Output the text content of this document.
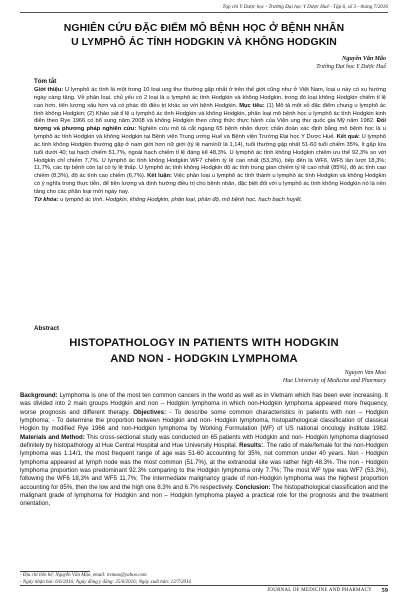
Tạp chí Y Dược học - Trường Đại học Y Dược Huế - Tập 6, số 3 - tháng 7/2016
NGHIÊN CỨU ĐẶC ĐIỂM MÔ BỆNH HỌC Ở BỆNH NHÂN
U LYMPHÔ ÁC TÍNH HODGKIN VÀ KHÔNG HODGKIN
Nguyễn Văn Mão
Trường Đại học Y Dược Huế
Tóm tắt
Giới thiệu: U lymphô ác tính là một trong 10 loại ung thư thường gặp nhất ở trên thế giới cũng như ở Việt Nam, loại u này có xu hướng ngày càng tăng. Về phân loại, chủ yếu có 2 loại là u lymphô ác tính Hodgkin và không Hodgkin, trong đó loại không Hodgkin chiếm tỉ lệ cao hơn, tiến lượng xấu hơn và có phác đồ điều trị khác so với bệnh Hodgkin. Mục tiêu: (1) Mô tả một số đặc điểm chung u lymphô ác tính không Hodgkin; (2) Khảo sát tỉ lệ u lymphô ác tính Hodgkin và không Hodgkin, phân loại mô bệnh học u lymphô ác tính Hodgkin kinh điển theo Rye 1966 có bổ sung năm 2008 và không Hodgkin theo công thức thực hành của Viện ung thư quốc gia Mỹ năm 1982. Đối tượng và phương pháp nghiên cứu: Nghiên cứu mô tả cắt ngang 65 bệnh nhân được chẩn đoán xác định bằng mô bệnh học là u lymphô ác tính Hodgkin và không Hodgkin tại Bệnh viện Trung ương Huế và Bệnh viện Trường Đại học Y Dược Huế. Kết quả: U lymphô ác tính không Hodgkin thường gặp ở nam giới hơn nữ giới (tỷ lệ nam/nữ là 1,14), tuổi thường gặp nhất 51-60 tuổi chiếm 35%, ít gặp lứa tuổi dưới 40; tại hạch chiếm 51,7%, ngoài hạch chiếm tỉ lệ đáng kể 48,3%. U lymphô ác tính không Hodgkin chiếm ưu thế 92,3% so với Hodgkin chỉ chiếm 7,7%. U lymphô ác tính không Hodgkin WF7 chiếm tỷ lệ cao nhất (53,3%), tiếp đến là WF6, WF5 lần lượt 18,3%; 11,7%, các típ bệnh còn lại có tỷ lệ thấp. U lymphô ác tính không Hodgkin độ ác tính trung gian chiếm tỷ lệ cao nhất (85%), độ ác tính cao chiếm (8,3%), độ ác tính cao chiếm (6,7%). Kết luận: Việc phân loại u lymphô ác tính thành u lymphô ác tính Hodgkin và không Hodgkin có ý nghĩa trong thực tiễn, để tiên lượng và định hướng điều trị cho bệnh nhân, đặc biệt đối với u lymphô ác tính không Hodgkin nó là nền tảng cho các phân loại mới ngày nay.
Từ khóa: u lymphô ác tính, Hodgkin, không Hodgkin, phân loại, phân độ, mô bệnh học, hạch bạch huyết.
Abstract
HISTOPATHOLOGY IN PATIENTS WITH HODGKIN
AND NON - HODGKIN LYMPHOMA
Nguyen Van Mao
Hue University of Medicine and Pharmacy
Background: Lymphoma is one of the most ten common cancers in the world as well as in Vietnam which has been ever increasing. It was divided into 2 main groups Hodgkin and non – Hodgkin lymphoma in which non-Hodgkin lymphoma appeared more frequency, worse prognosis and different therapy. Objectives: - To describe some common characteristics in patients with non – Hodgkin lymphoma; - To determine the proportion between Hodgkin and non- Hodgkin lymphoma, histopathological classification of classical Hogkin by modified Rye 1966 and non-Hodgkin lymphoma by Working Formulation (WF) of US national oncology institute 1982. Materials and Method: This cross-sectional study was conducted on 65 patients with Hodgkin and non- Hodgkin lymphoma diagnosed definitely by histopathology at Hue Central Hospital and Hue University Hospital. Results:. The ratio of male/female for the non-Hodgkin lymphoma was 1.14/1, the most frequent range of age was 51-60 accounting for 35%, not common under 40 years. Non - Hodgkin lymphoma appeared at lymph node was the most common (51.7%), at the extranodal site was rather high 48.3%. The non - Hodgkin lymphoma proportion was predominant 92.3% comparing to the Hodgkin lymphoma only 7.7%; The most WF type was WF7 (53.3%), following the WF6 18,3% and WF5 11,7%; The intermediate malignancy grade of non-Hodgkin lymphoma was the highest proportion accounting for 85%, then the low and the high one 8.3% and 6.7% respectively. Conclusion: The histopathological classification and the malignant grade of lymphoma for Hodgkin and non – Hodgkin lymphoma played a practical role for the prognosis and the treatment orientation,
- Địa chỉ liên hệ: Nguyễn Văn Mão, email: nvmao@yahoo.com
- Ngày nhận bài: 6/6/2016; Ngày đồng ý đăng: 25/6/2016; Ngày xuất bản: 12/7/2016
JOURNAL OF MEDICINE AND PHARMACY 59
